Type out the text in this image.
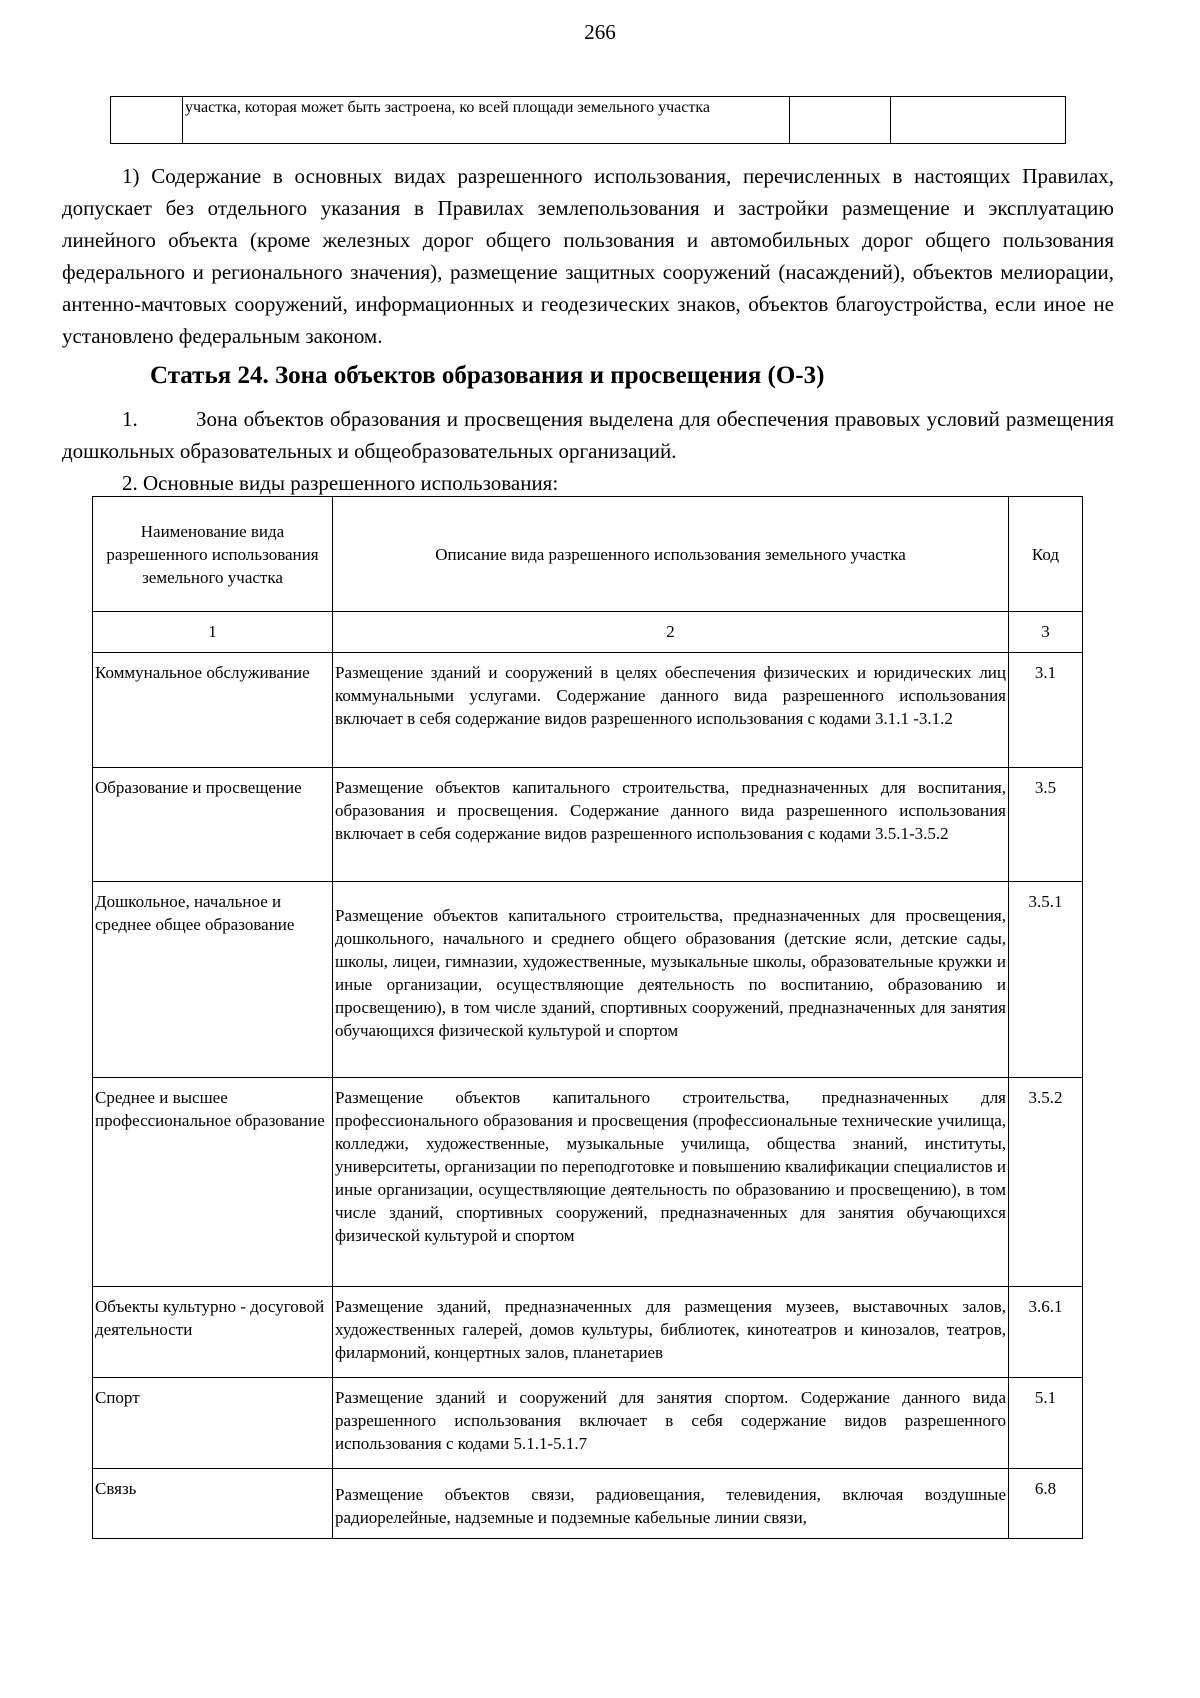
266
	участка, которая может быть застроена, ко всей площади земельного участка		

1) Содержание в основных видах разрешенного использования, перечисленных в настоящих Правилах, допускает без отдельного указания в Правилах землепользования и застройки размещение и эксплуатацию линейного объекта (кроме железных дорог общего пользования и автомобильных дорог общего пользования федерального и регионального значения), размещение защитных сооружений (насаждений), объектов мелиорации, антенно-мачтовых сооружений, информационных и геодезических знаков, объектов благоустройства, если иное не установлено федеральным законом.

Статья 24. Зона объектов образования и просвещения (О-3)

1.	Зона объектов образования и просвещения выделена для обеспечения правовых условий размещения дошкольных образовательных и общеобразовательных организаций.

2. Основные виды разрешенного использования:
Наименование вида разрешенного использования земельного участка	Описание вида разрешенного использования земельного участка	Код
1	2	3
Коммунальное обслуживание	Размещение зданий и сооружений в целях обеспечения физических и юридических лиц коммунальными услугами. Содержание данного вида разрешенного использования включает в себя содержание видов разрешенного использования с кодами 3.1.1 -3.1.2	3.1
Образование и просвещение	Размещение объектов капитального строительства, предназначенных для воспитания, образования и просвещения. Содержание данного вида разрешенного использования включает в себя содержание видов разрешенного использования с кодами 3.5.1-3.5.2	3.5
Дошкольное, начальное и среднее общее образование	Размещение объектов капитального строительства, предназначенных для просвещения, дошкольного, начального и среднего общего образования (детские ясли, детские сады, школы, лицеи, гимназии, художественные, музыкальные школы, образовательные кружки и иные организации, осуществляющие деятельность по воспитанию, образованию и просвещению), в том числе зданий, спортивных сооружений, предназначенных для занятия обучающихся физической культурой и спортом	3.5.1
Среднее и высшее профессиональное образование	Размещение объектов капитального строительства, предназначенных для профессионального образования и просвещения (профессиональные технические училища, колледжи, художественные, музыкальные училища, общества знаний, институты, университеты, организации по переподготовке и повышению квалификации специалистов и иные организации, осуществляющие деятельность по образованию и просвещению), в том числе зданий, спортивных сооружений, предназначенных для занятия обучающихся физической культурой и спортом	3.5.2
Объекты культурно - досуговой деятельности	Размещение зданий, предназначенных для размещения музеев, выставочных залов, художественных галерей, домов культуры, библиотек, кинотеатров и кинозалов, театров, филармоний, концертных залов, планетариев	3.6.1
Спорт	Размещение зданий и сооружений для занятия спортом. Содержание данного вида разрешенного использования включает в себя содержание видов разрешенного использования с кодами 5.1.1-5.1.7	5.1
Связь	Размещение объектов связи, радиовещания, телевидения, включая воздушные радиорелейные, надземные и подземные кабельные линии связи,	6.8
